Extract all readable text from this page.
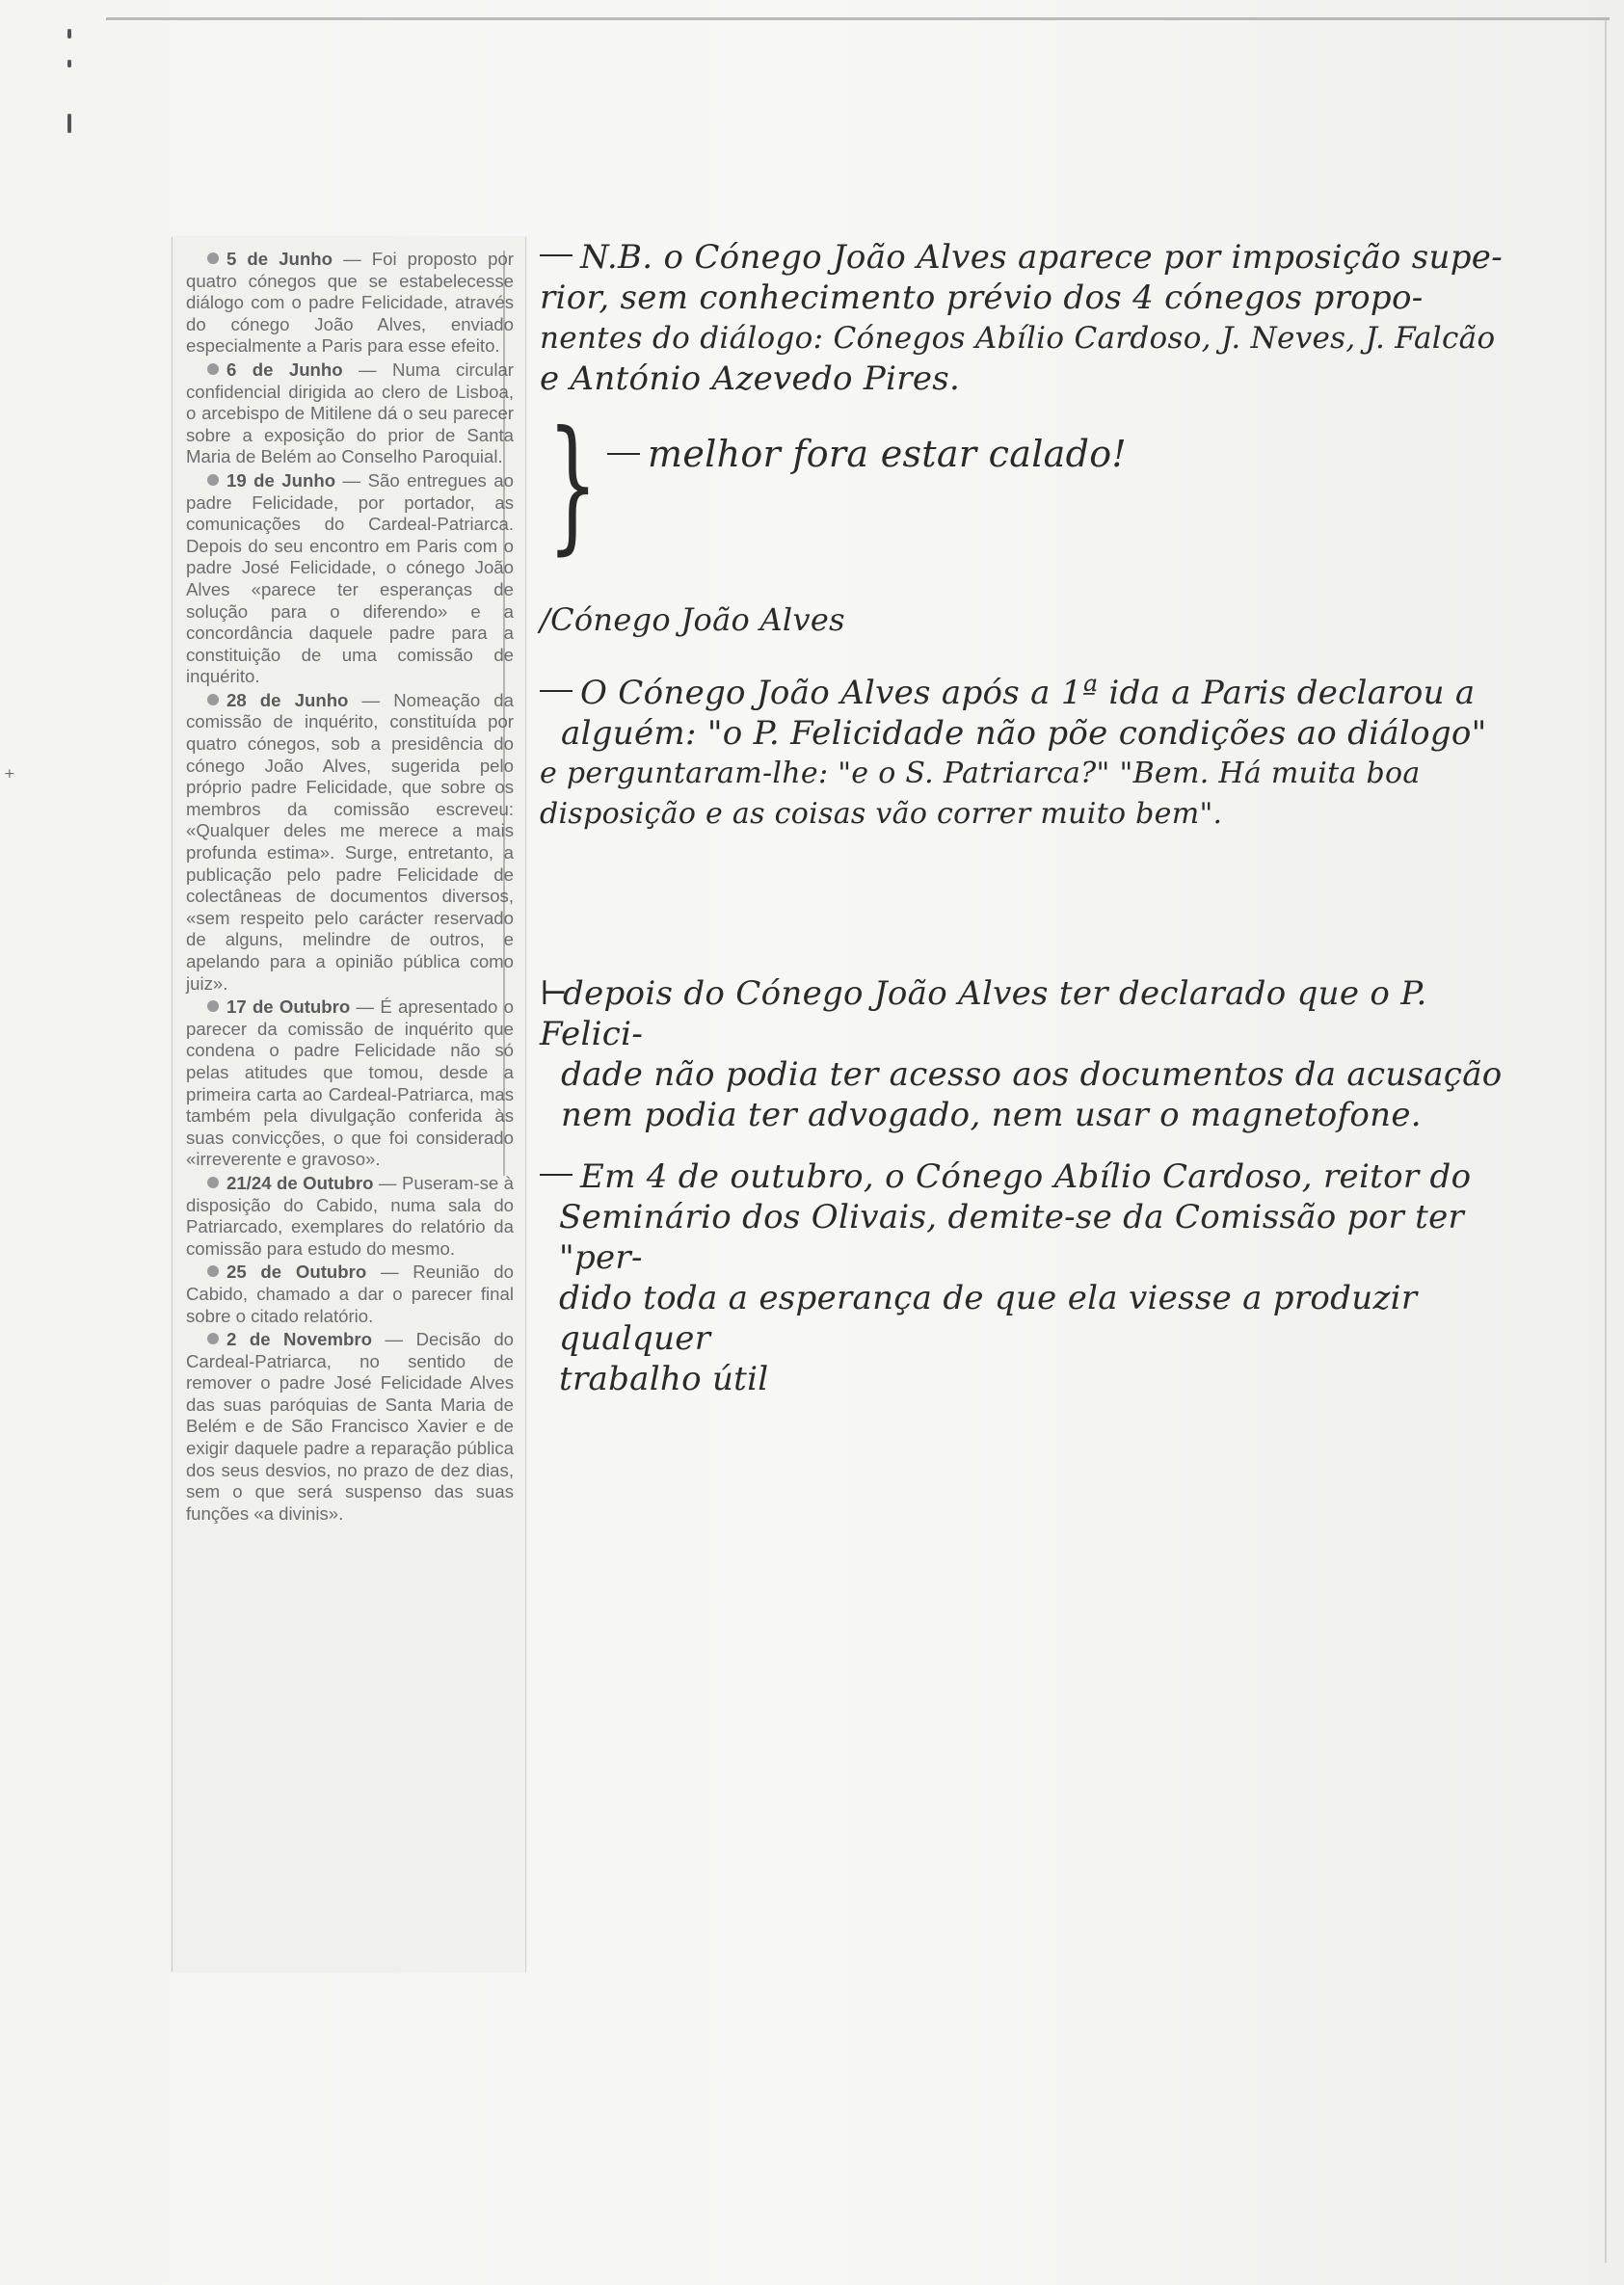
5 de Junho — Foi proposto por quatro cónegos que se estabelecesse diálogo com o padre Felicidade, através do cónego João Alves, enviado especialmente a Paris para esse efeito.

6 de Junho — Numa circular confidencial dirigida ao clero de Lisboa, o arcebispo de Mitilene dá o seu parecer sobre a exposição do prior de Santa Maria de Belém ao Conselho Paroquial.

19 de Junho — São entregues ao padre Felicidade, por portador, as comunicações do Cardeal-Patriarca. Depois do seu encontro em Paris com o padre José Felicidade, o cónego João Alves «parece ter esperanças de solução para o diferendo» e a concordância daquele padre para a constituição de uma comissão de inquérito.

28 de Junho — Nomeação da comissão de inquérito, constituída por quatro cónegos, sob a presidência do cónego João Alves, sugerida pelo próprio padre Felicidade, que sobre os membros da comissão escreveu: «Qualquer deles me merece a mais profunda estima». Surge, entretanto, a publicação pelo padre Felicidade de colectâneas de documentos diversos, «sem respeito pelo carácter reservado de alguns, melindre de outros, e apelando para a opinião pública como juiz».

17 de Outubro — É apresentado o parecer da comissão de inquérito que condena o padre Felicidade não só pelas atitudes que tomou, desde a primeira carta ao Cardeal-Patriarca, mas também pela divulgação conferida às suas convicções, o que foi considerado «irreverente e gravoso».

21/24 de Outubro — Puseram-se à disposição do Cabido, numa sala do Patriarcado, exemplares do relatório da comissão para estudo do mesmo.

25 de Outubro — Reunião do Cabido, chamado a dar o parecer final sobre o citado relatório.

2 de Novembro — Decisão do Cardeal-Patriarca, no sentido de remover o padre José Felicidade Alves das suas paróquias de Santa Maria de Belém e de São Francisco Xavier e de exigir daquele padre a reparação pública dos seus desvios, no prazo de dez dias, sem o que será suspenso das suas funções «a divinis».

N.B. o Cónego João Alves aparece por imposição supe-
rior, sem conhecimento prévio dos 4 cónegos propo-
nentes do diálogo: Cónegos Abílio Cardoso, J. Neves, J. Falcão
e António Azevedo Pires.
melhor fora estar calado!
/Cónego João Alves
O Cónego João Alves após a 1ª ida a Paris declarou a
alguém: "o P. Felicidade não põe condições ao diálogo"
e perguntaram-lhe: "e o S. Patriarca?" "Bem. Há muita boa
disposição e as coisas vão correr muito bem".
⊢depois do Cónego João Alves ter declarado que o P. Felici-
dade não podia ter acesso aos documentos da acusação
nem podia ter advogado, nem usar o magnetofone.
Em 4 de outubro, o Cónego Abílio Cardoso, reitor do
Seminário dos Olivais, demite-se da Comissão por ter "per-
dido toda a esperança de que ela viesse a produzir qualquer
trabalho útil
}
+
